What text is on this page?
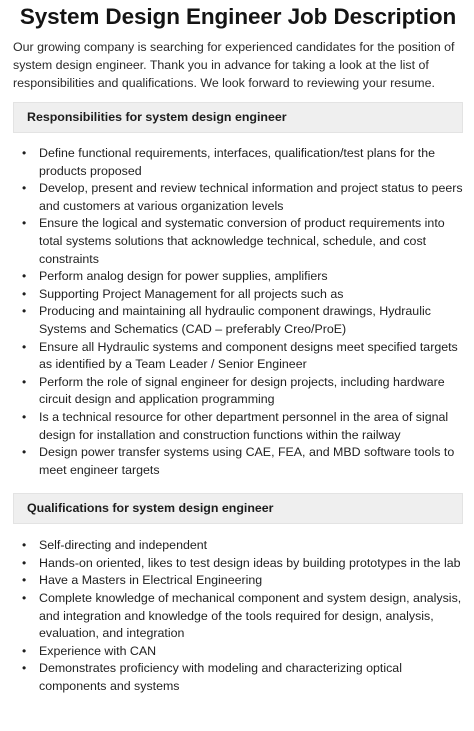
System Design Engineer Job Description

Our growing company is searching for experienced candidates for the position of system design engineer. Thank you in advance for taking a look at the list of responsibilities and qualifications. We look forward to reviewing your resume.

Responsibilities for system design engineer
• Define functional requirements, interfaces, qualification/test plans for the products proposed
• Develop, present and review technical information and project status to peers and customers at various organization levels
• Ensure the logical and systematic conversion of product requirements into total systems solutions that acknowledge technical, schedule, and cost constraints
• Perform analog design for power supplies, amplifiers
• Supporting Project Management for all projects such as
• Producing and maintaining all hydraulic component drawings, Hydraulic Systems and Schematics (CAD – preferably Creo/ProE)
• Ensure all Hydraulic systems and component designs meet specified targets as identified by a Team Leader / Senior Engineer
• Perform the role of signal engineer for design projects, including hardware circuit design and application programming
• Is a technical resource for other department personnel in the area of signal design for installation and construction functions within the railway
• Design power transfer systems using CAE, FEA, and MBD software tools to meet engineer targets
Qualifications for system design engineer
• Self-directing and independent
• Hands-on oriented, likes to test design ideas by building prototypes in the lab
• Have a Masters in Electrical Engineering
• Complete knowledge of mechanical component and system design, analysis, and integration and knowledge of the tools required for design, analysis, evaluation, and integration
• Experience with CAN
• Demonstrates proficiency with modeling and characterizing optical components and systems
